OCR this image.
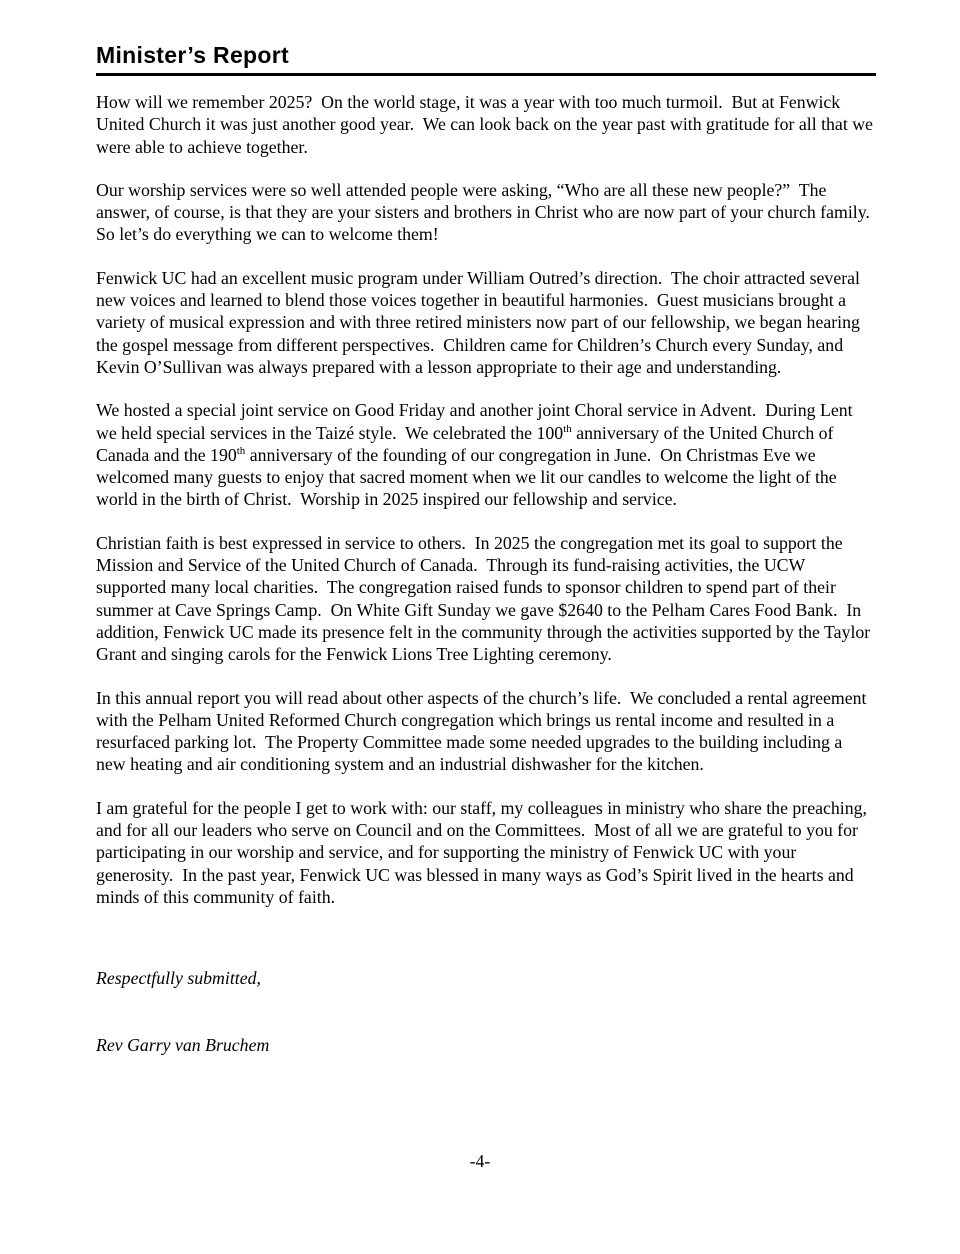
Minister’s Report

How will we remember 2025?  On the world stage, it was a year with too much turmoil.  But at Fenwick United Church it was just another good year.  We can look back on the year past with gratitude for all that we were able to achieve together.

Our worship services were so well attended people were asking, “Who are all these new people?”  The answer, of course, is that they are your sisters and brothers in Christ who are now part of your church family.  So let’s do everything we can to welcome them!

Fenwick UC had an excellent music program under William Outred’s direction.  The choir attracted several new voices and learned to blend those voices together in beautiful harmonies.  Guest musicians brought a variety of musical expression and with three retired ministers now part of our fellowship, we began hearing the gospel message from different perspectives.  Children came for Children’s Church every Sunday, and Kevin O’Sullivan was always prepared with a lesson appropriate to their age and understanding.

We hosted a special joint service on Good Friday and another joint Choral service in Advent.  During Lent we held special services in the Taizé style.  We celebrated the 100th anniversary of the United Church of Canada and the 190th anniversary of the founding of our congregation in June.  On Christmas Eve we welcomed many guests to enjoy that sacred moment when we lit our candles to welcome the light of the world in the birth of Christ.  Worship in 2025 inspired our fellowship and service.

Christian faith is best expressed in service to others.  In 2025 the congregation met its goal to support the Mission and Service of the United Church of Canada.  Through its fund-raising activities, the UCW supported many local charities.  The congregation raised funds to sponsor children to spend part of their summer at Cave Springs Camp.  On White Gift Sunday we gave $2640 to the Pelham Cares Food Bank.  In addition, Fenwick UC made its presence felt in the community through the activities supported by the Taylor Grant and singing carols for the Fenwick Lions Tree Lighting ceremony.

In this annual report you will read about other aspects of the church’s life.  We concluded a rental agreement with the Pelham United Reformed Church congregation which brings us rental income and resulted in a resurfaced parking lot.  The Property Committee made some needed upgrades to the building including a new heating and air conditioning system and an industrial dishwasher for the kitchen.

I am grateful for the people I get to work with: our staff, my colleagues in ministry who share the preaching, and for all our leaders who serve on Council and on the Committees.  Most of all we are grateful to you for participating in our worship and service, and for supporting the ministry of Fenwick UC with your generosity.  In the past year, Fenwick UC was blessed in many ways as God’s Spirit lived in the hearts and minds of this community of faith.

Respectfully submitted,

Rev Garry van Bruchem

-4-
